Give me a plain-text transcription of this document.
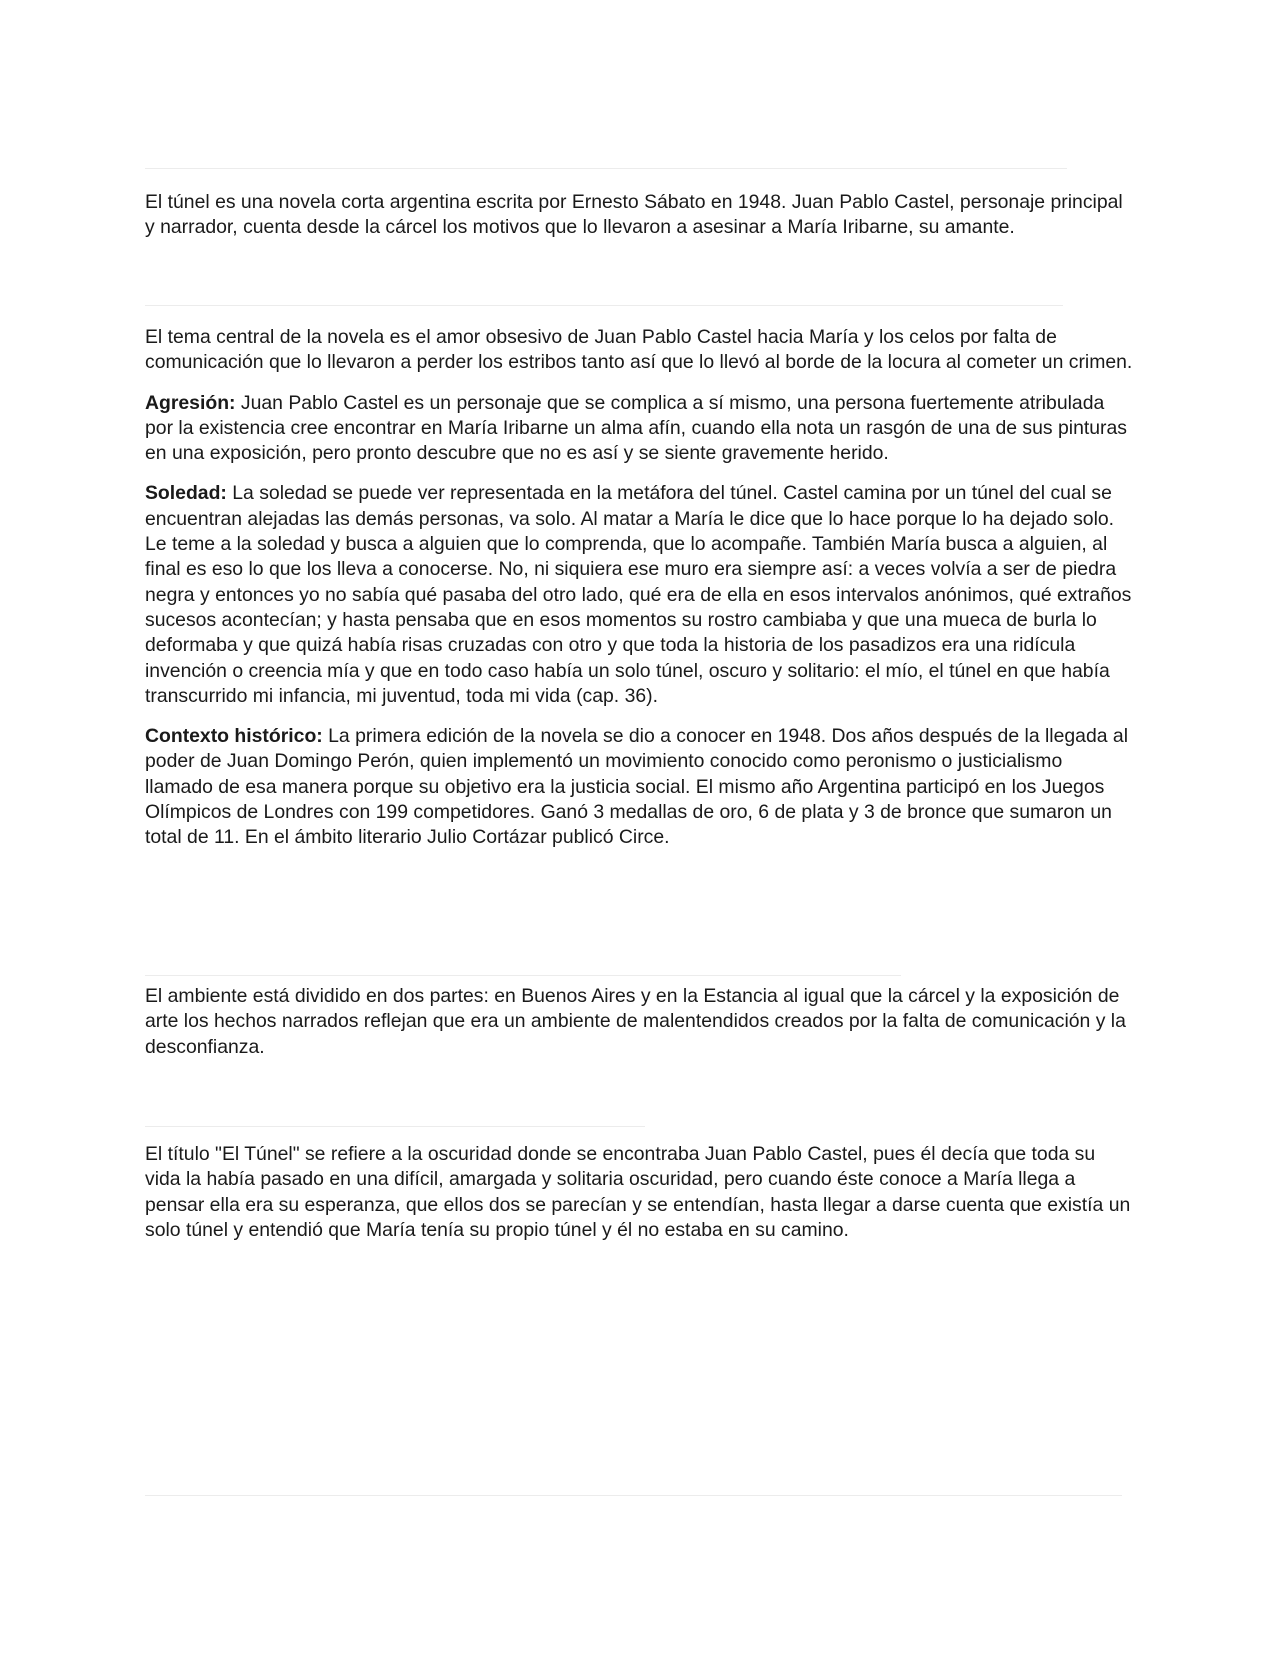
El túnel es una novela corta argentina escrita por Ernesto Sábato en 1948. Juan Pablo Castel, personaje principal y narrador, cuenta desde la cárcel los motivos que lo llevaron a asesinar a María Iribarne, su amante.

El tema central de la novela es el amor obsesivo de Juan Pablo Castel hacia María y los celos por falta de comunicación que lo llevaron a perder los estribos tanto así que lo llevó al borde de la locura al cometer un crimen.

Agresión: Juan Pablo Castel es un personaje que se complica a sí mismo, una persona fuertemente atribulada por la existencia cree encontrar en María Iribarne un alma afín, cuando ella nota un rasgón de una de sus pinturas en una exposición, pero pronto descubre que no es así y se siente gravemente herido.

Soledad: La soledad se puede ver representada en la metáfora del túnel. Castel camina por un túnel del cual se encuentran alejadas las demás personas, va solo. Al matar a María le dice que lo hace porque lo ha dejado solo. Le teme a la soledad y busca a alguien que lo comprenda, que lo acompañe. También María busca a alguien, al final es eso lo que los lleva a conocerse. No, ni siquiera ese muro era siempre así: a veces volvía a ser de piedra negra y entonces yo no sabía qué pasaba del otro lado, qué era de ella en esos intervalos anónimos, qué extraños sucesos acontecían; y hasta pensaba que en esos momentos su rostro cambiaba y que una mueca de burla lo deformaba y que quizá había risas cruzadas con otro y que toda la historia de los pasadizos era una ridícula invención o creencia mía y que en todo caso había un solo túnel, oscuro y solitario: el mío, el túnel en que había transcurrido mi infancia, mi juventud, toda mi vida (cap. 36).

Contexto histórico: La primera edición de la novela se dio a conocer en 1948. Dos años después de la llegada al poder de Juan Domingo Perón, quien implementó un movimiento conocido como peronismo o justicialismo llamado de esa manera porque su objetivo era la justicia social. El mismo año Argentina participó en los Juegos Olímpicos de Londres con 199 competidores. Ganó 3 medallas de oro, 6 de plata y 3 de bronce que sumaron un total de 11. En el ámbito literario Julio Cortázar publicó Circe.

El ambiente está dividido en dos partes: en Buenos Aires y en la Estancia al igual que la cárcel y la exposición de arte los hechos narrados reflejan que era un ambiente de malentendidos creados por la falta de comunicación y la desconfianza.

El título "El Túnel" se refiere a la oscuridad donde se encontraba Juan Pablo Castel, pues él decía que toda su vida la había pasado en una difícil, amargada y solitaria oscuridad, pero cuando éste conoce a María llega a pensar ella era su esperanza, que ellos dos se parecían y se entendían, hasta llegar a darse cuenta que existía un solo túnel y entendió que María tenía su propio túnel y él no estaba en su camino.
